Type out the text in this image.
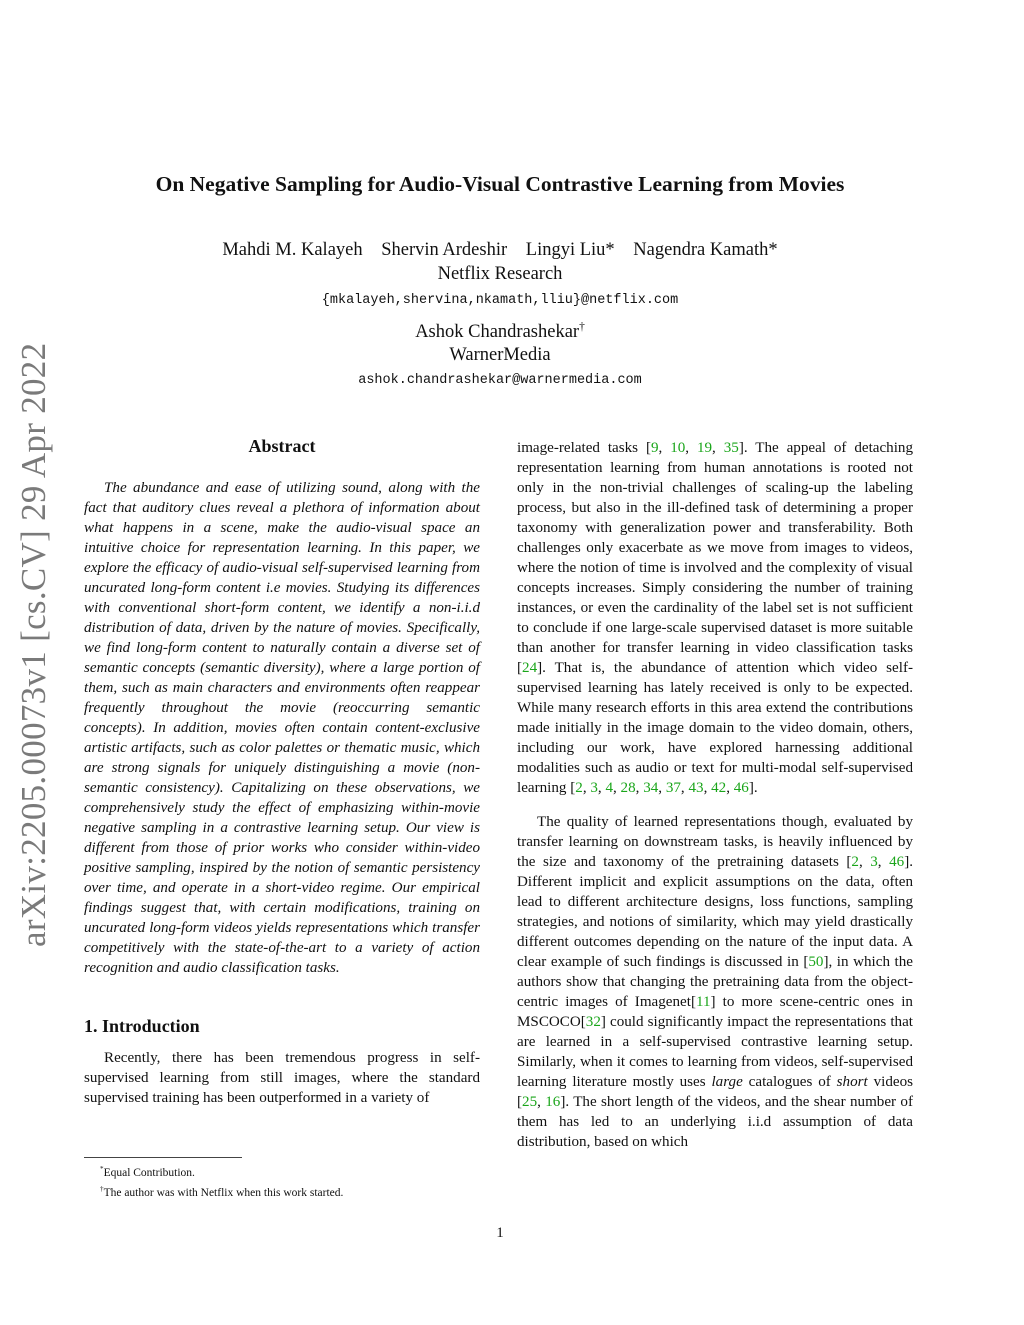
arXiv:2205.00073v1 [cs.CV] 29 Apr 2022
On Negative Sampling for Audio-Visual Contrastive Learning from Movies
Mahdi M. Kalayeh Shervin Ardeshir Lingyi Liu* Nagendra Kamath*
Netflix Research
{mkalayeh,shervina,nkamath,lliu}@netflix.com
Ashok Chandrashekar†
WarnerMedia
ashok.chandrashekar@warnermedia.com
Abstract

The abundance and ease of utilizing sound, along with the fact that auditory clues reveal a plethora of information about what happens in a scene, make the audio-visual space an intuitive choice for representation learning. In this paper, we explore the efficacy of audio-visual self-supervised learning from uncurated long-form content i.e movies. Studying its differences with conventional short-form content, we identify a non-i.i.d distribution of data, driven by the nature of movies. Specifically, we find long-form content to naturally contain a diverse set of semantic concepts (semantic diversity), where a large portion of them, such as main characters and environments often reappear frequently throughout the movie (reoccurring semantic concepts). In addition, movies often contain content-exclusive artistic artifacts, such as color palettes or thematic music, which are strong signals for uniquely distinguishing a movie (non-semantic consistency). Capitalizing on these observations, we comprehensively study the effect of emphasizing within-movie negative sampling in a contrastive learning setup. Our view is different from those of prior works who consider within-video positive sampling, inspired by the notion of semantic persistency over time, and operate in a short-video regime. Our empirical findings suggest that, with certain modifications, training on uncurated long-form videos yields representations which transfer competitively with the state-of-the-art to a variety of action recognition and audio classification tasks.

1. Introduction

Recently, there has been tremendous progress in self-supervised learning from still images, where the standard supervised training has been outperformed in a variety of

image-related tasks [9, 10, 19, 35]. The appeal of detaching representation learning from human annotations is rooted not only in the non-trivial challenges of scaling-up the labeling process, but also in the ill-defined task of determining a proper taxonomy with generalization power and transferability. Both challenges only exacerbate as we move from images to videos, where the notion of time is involved and the complexity of visual concepts increases. Simply considering the number of training instances, or even the cardinality of the label set is not sufficient to conclude if one large-scale supervised dataset is more suitable than another for transfer learning in video classification tasks [24]. That is, the abundance of attention which video self-supervised learning has lately received is only to be expected. While many research efforts in this area extend the contributions made initially in the image domain to the video domain, others, including our work, have explored harnessing additional modalities such as audio or text for multi-modal self-supervised learning [2, 3, 4, 28, 34, 37, 43, 42, 46].

The quality of learned representations though, evaluated by transfer learning on downstream tasks, is heavily influenced by the size and taxonomy of the pretraining datasets [2, 3, 46]. Different implicit and explicit assumptions on the data, often lead to different architecture designs, loss functions, sampling strategies, and notions of similarity, which may yield drastically different outcomes depending on the nature of the input data. A clear example of such findings is discussed in [50], in which the authors show that changing the pretraining data from the object-centric images of Imagenet[11] to more scene-centric ones in MSCOCO[32] could significantly impact the representations that are learned in a self-supervised contrastive learning setup. Similarly, when it comes to learning from videos, self-supervised learning literature mostly uses large catalogues of short videos [25, 16]. The short length of the videos, and the shear number of them has led to an underlying i.i.d assumption of data distribution, based on which

*Equal Contribution.
†The author was with Netflix when this work started.
1
